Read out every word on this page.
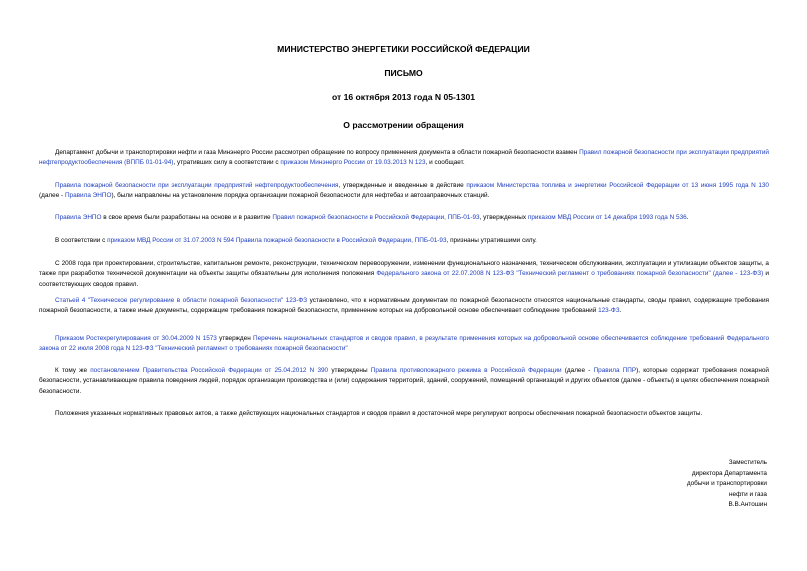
МИНИСТЕРСТВО ЭНЕРГЕТИКИ РОССИЙСКОЙ ФЕДЕРАЦИИ
ПИСЬМО
от 16 октября 2013 года N 05-1301
О рассмотрении обращения
Департамент добычи и транспортировки нефти и газа Минэнерго России рассмотрел обращение по вопросу применения документа в области пожарной безопасности взамен Правил пожарной безопасности при эксплуатации предприятий нефтепродуктообеспечения (ВППБ 01-01-94), утративших силу в соответствии с приказом Минэнерго России от 19.03.2013 N 123, и сообщает.
Правила пожарной безопасности при эксплуатации предприятий нефтепродуктообеспечения, утвержденные и введенные в действие приказом Министерства топлива и энергетики Российской Федерации от 13 июня 1995 года N 130 (далее - Правила ЭНПО), были направлены на установление порядка организации пожарной безопасности для нефтебаз и автозаправочных станций.
Правила ЭНПО в свое время были разработаны на основе и в развитие Правил пожарной безопасности в Российской Федерации, ППБ-01-93, утвержденных приказом МВД России от 14 декабря 1993 года N 536.
В соответствии с приказом МВД России от 31.07.2003 N 594 Правила пожарной безопасности в Российской Федерации, ППБ-01-93, признаны утратившими силу.
С 2008 года при проектировании, строительстве, капитальном ремонте, реконструкции, техническом перевооружении, изменении функционального назначения, техническом обслуживании, эксплуатации и утилизации объектов защиты, а также при разработке технической документации на объекты защиты обязательны для исполнения положения Федерального закона от 22.07.2008 N 123-ФЗ "Технический регламент о требованиях пожарной безопасности" (далее - 123-ФЗ) и соответствующих сводов правил.
Статьей 4 "Техническое регулирование в области пожарной безопасности" 123-ФЗ установлено, что к нормативным документам по пожарной безопасности относятся национальные стандарты, своды правил, содержащие требования пожарной безопасности, а также иные документы, содержащие требования пожарной безопасности, применение которых на добровольной основе обеспечивает соблюдение требований 123-ФЗ.
Приказом Ростехрегулирования от 30.04.2009 N 1573 утвержден Перечень национальных стандартов и сводов правил, в результате применения которых на добровольной основе обеспечивается соблюдение требований Федерального закона от 22 июля 2008 года N 123-ФЗ "Технический регламент о требованиях пожарной безопасности"
К тому же постановлением Правительства Российской Федерации от 25.04.2012 N 390 утверждены Правила противопожарного режима в Российской Федерации (далее - Правила ППР), которые содержат требования пожарной безопасности, устанавливающие правила поведения людей, порядок организации производства и (или) содержания территорий, зданий, сооружений, помещений организаций и других объектов (далее - объекты) в целях обеспечения пожарной безопасности.
Положения указанных нормативных правовых актов, а также действующих национальных стандартов и сводов правил в достаточной мере регулируют вопросы обеспечения пожарной безопасности объектов защиты.
Заместитель
директора Департамента
добычи и транспортировки
нефти и газа
В.В.Антошин
